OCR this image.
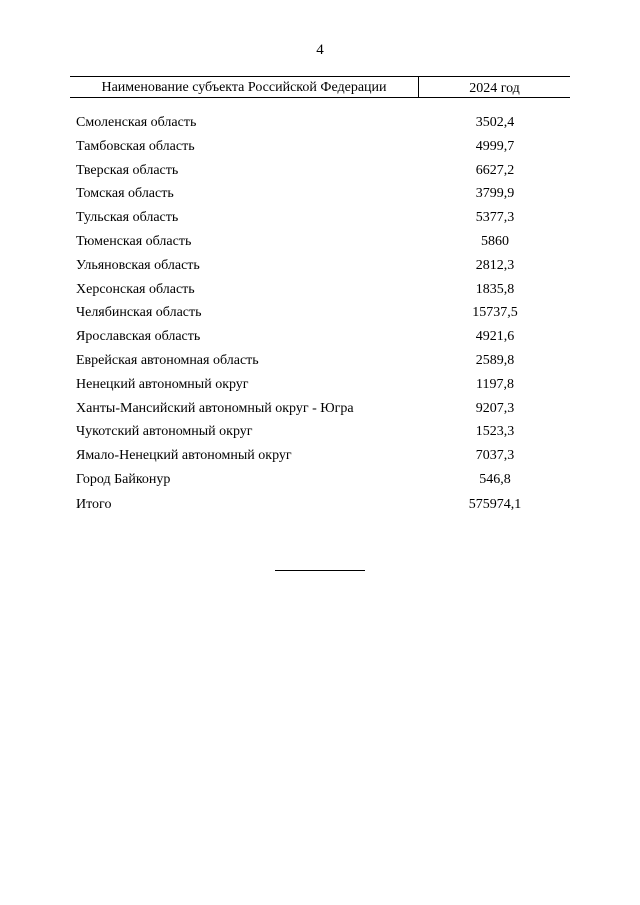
4
Наименование субъекта Российской Федерации	2024 год
Смоленская область	3502,4
Тамбовская область	4999,7
Тверская область	6627,2
Томская область	3799,9
Тульская область	5377,3
Тюменская область	5860
Ульяновская область	2812,3
Херсонская область	1835,8
Челябинская область	15737,5
Ярославская область	4921,6
Еврейская автономная область	2589,8
Ненецкий автономный округ	1197,8
Ханты-Мансийский автономный округ - Югра	9207,3
Чукотский автономный округ	1523,3
Ямало-Ненецкий автономный округ	7037,3
Город Байконур	546,8
Итого	575974,1
